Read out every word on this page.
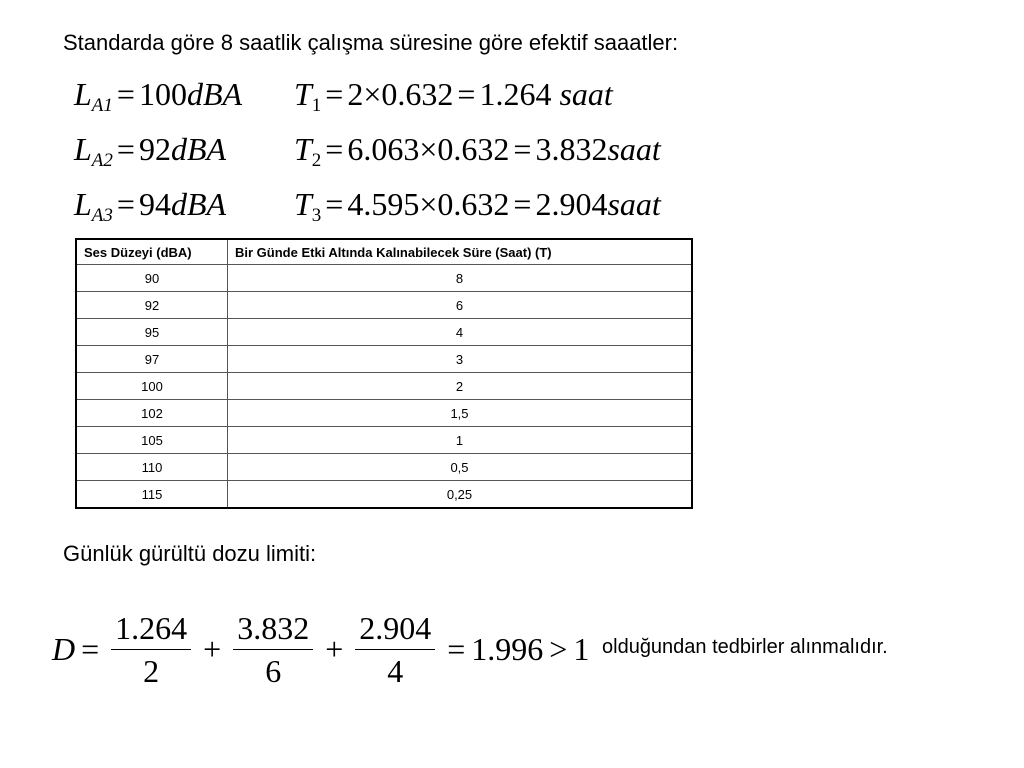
Standarda göre 8 saatlik çalışma süresine göre efektif saaatler:
$L_{A1} = 100dBA$ $T_1 = 2\times 0.632 = 1.264$ saat
$L_{A2} = 92dBA$ $T_2 = 6.063\times 0.632$ = 3.832saat
$L_{A3} = 94dBA$ $T_3 = 4.595\times 0.632$ = 2.904saat
Ses Düzeyi (dBA)	Bir Günde Etki Altında Kalınabilecek Süre (Saat) (T)
90	8
92	6
95	4
97	3
100	2
102	1,5
105	1
110	0,5
115	0,25
Günlük gürültü dozu limiti:
$D = \frac{1.264}{2} + \frac{3.832}{6} + \frac{2.904}{4} = 1.996 > 1$ olduğundan tedbirler alınmalıdır.
